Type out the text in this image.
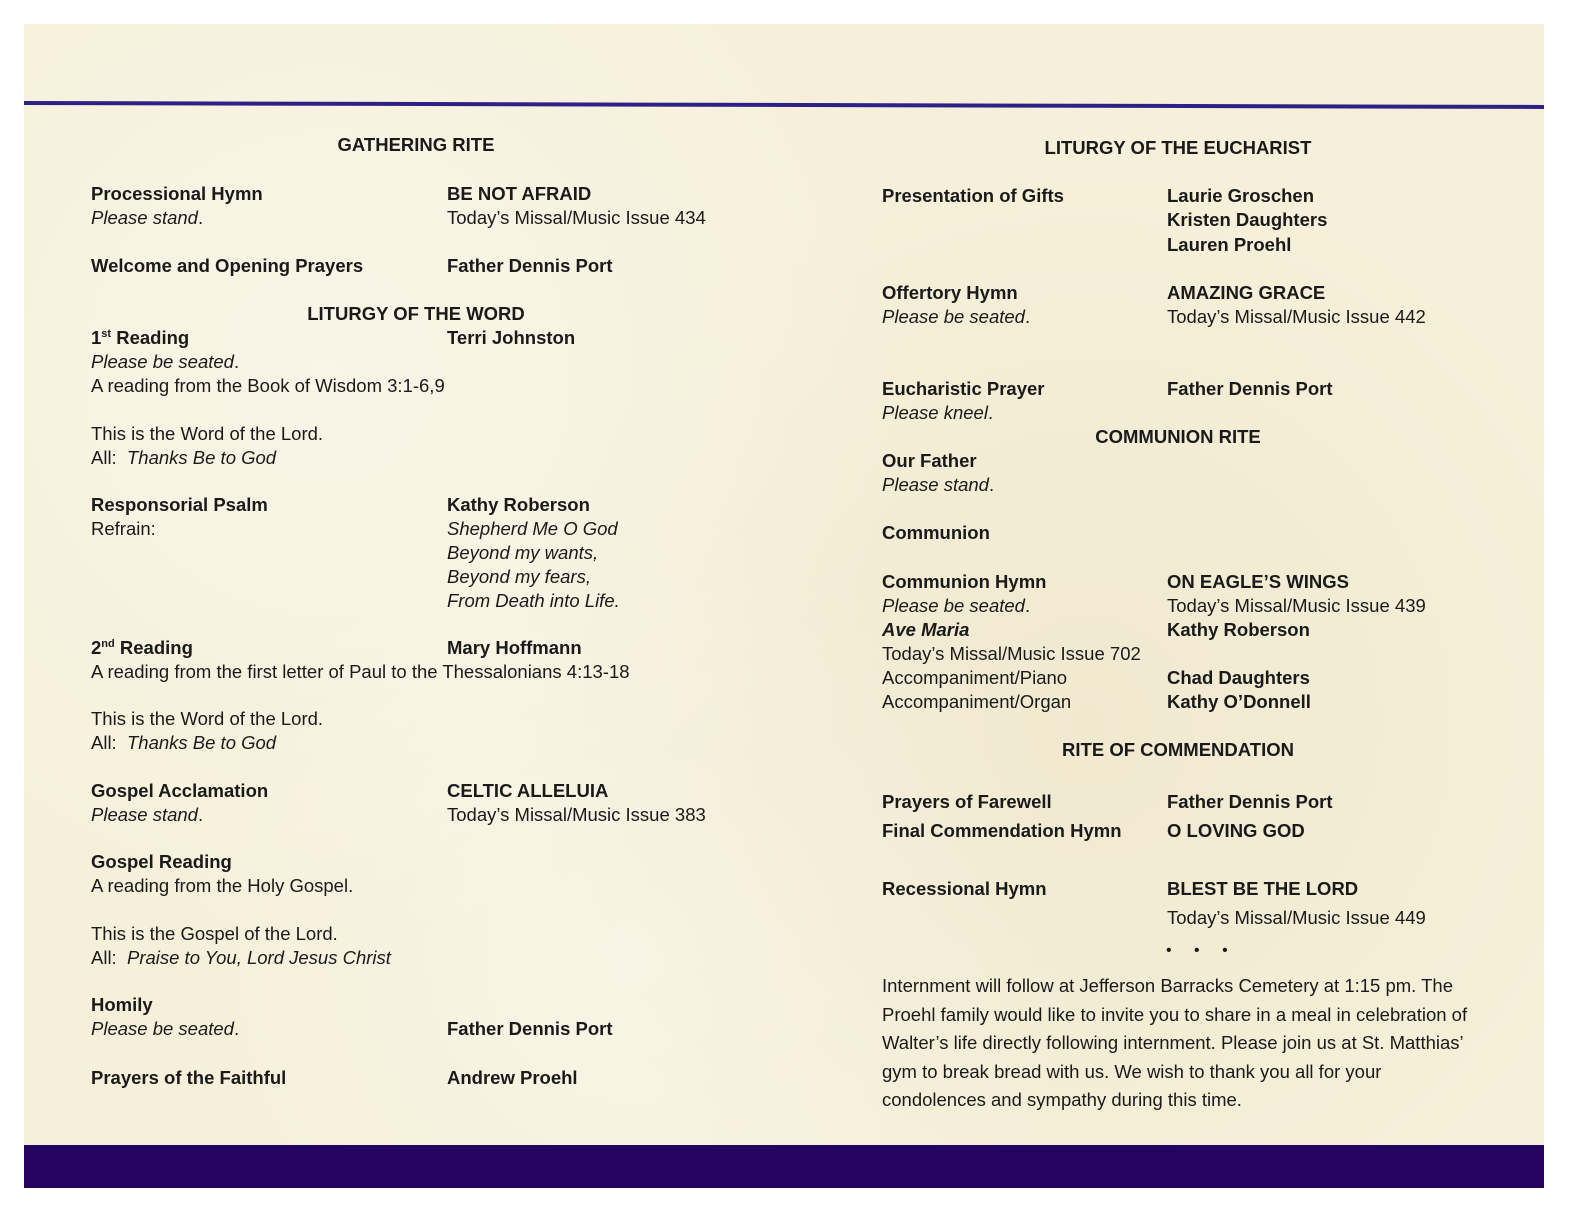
GATHERING RITE
Processional Hymn	BE NOT AFRAID
Please stand.	Today’s Missal/Music Issue 434
Welcome and Opening Prayers	Father Dennis Port
LITURGY OF THE WORD
1st Reading	Terri Johnston
Please be seated.
A reading from the Book of Wisdom 3:1-6,9
This is the Word of the Lord.
All: Thanks Be to God
Responsorial Psalm	Kathy Roberson
Refrain:	Shepherd Me O God
Beyond my wants,
Beyond my fears,
From Death into Life.
2nd Reading	Mary Hoffmann
A reading from the first letter of Paul to the Thessalonians 4:13-18
This is the Word of the Lord.
All: Thanks Be to God
Gospel Acclamation	CELTIC ALLELUIA
Please stand.	Today’s Missal/Music Issue 383
Gospel Reading
A reading from the Holy Gospel.
This is the Gospel of the Lord.
All: Praise to You, Lord Jesus Christ
Homily
Please be seated.	Father Dennis Port
Prayers of the Faithful	Andrew Proehl
LITURGY OF THE EUCHARIST
Presentation of Gifts	Laurie Groschen
Kristen Daughters
Lauren Proehl
Offertory Hymn	AMAZING GRACE
Please be seated.	Today’s Missal/Music Issue 442
Eucharistic Prayer	Father Dennis Port
Please kneel.
COMMUNION RITE
Our Father
Please stand.
Communion
Communion Hymn	ON EAGLE’S WINGS
Please be seated.	Today’s Missal/Music Issue 439
Ave Maria	Kathy Roberson
Today’s Missal/Music Issue 702
Accompaniment/Piano	Chad Daughters
Accompaniment/Organ	Kathy O’Donnell
RITE OF COMMENDATION
Prayers of Farewell	Father Dennis Port
Final Commendation Hymn O LOVING GOD
Recessional Hymn	BLEST BE THE LORD
Today’s Missal/Music Issue 449
• • •
Internment will follow at Jefferson Barracks Cemetery at 1:15 pm. The Proehl family would like to invite you to share in a meal in celebration of Walter’s life directly following internment. Please join us at St. Matthias’ gym to break bread with us. We wish to thank you all for your condolences and sympathy during this time.
